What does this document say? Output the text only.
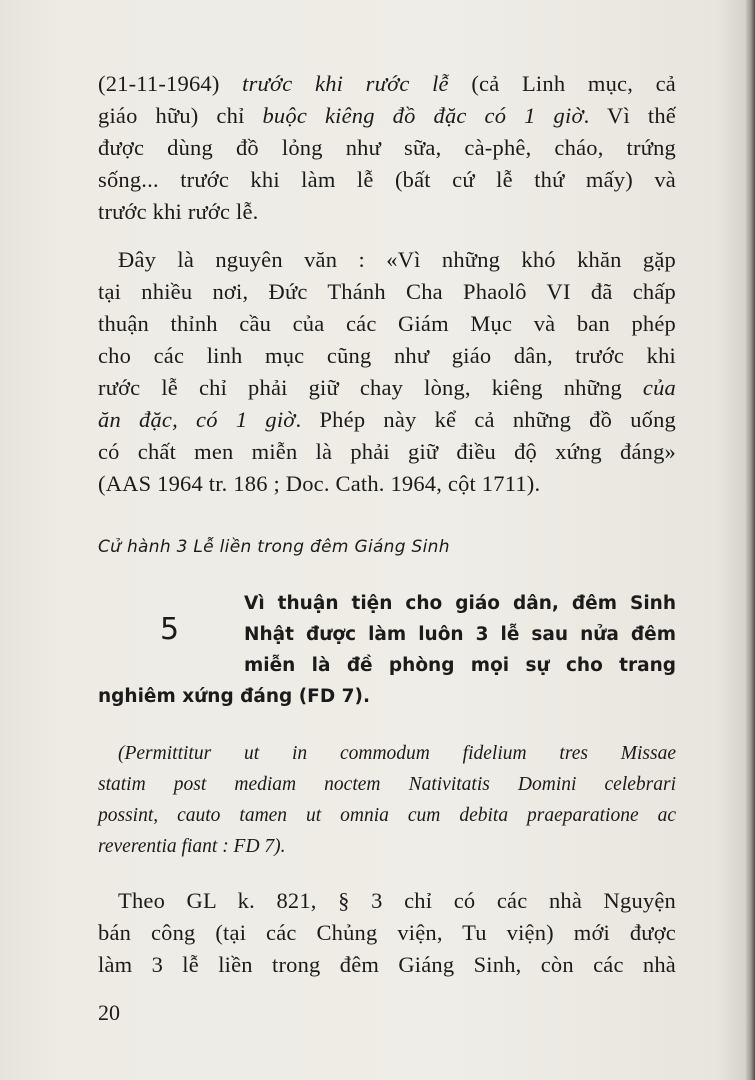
(21-11-1964) trước khi rước lễ (cả Linh mục, cả
giáo hữu) chỉ buộc kiêng đồ đặc có 1 giờ. Vì thế
được dùng đồ lỏng như sữa, cà-phê, cháo, trứng
sống... trước khi làm lễ (bất cứ lễ thứ mấy) và
trước khi rước lễ.
Đây là nguyên văn : «Vì những khó khăn gặp
tại nhiều nơi, Đức Thánh Cha Phaolô VI đã chấp
thuận thỉnh cầu của các Giám Mục và ban phép
cho các linh mục cũng như giáo dân, trước khi
rước lễ chỉ phải giữ chay lòng, kiêng những của
ăn đặc, có 1 giờ. Phép này kể cả những đồ uống
có chất men miễn là phải giữ điều độ xứng đáng»
(AAS 1964 tr. 186 ; Doc. Cath. 1964, cột 1711).
Cử hành 3 Lễ liền trong đêm Giáng Sinh
5
Vì thuận tiện cho giáo dân, đêm Sinh
Nhật được làm luôn 3 lễ sau nửa đêm
miễn là đề phòng mọi sự cho trang
nghiêm xứng đáng (FD 7).
(Permittitur ut in commodum fidelium tres Missae
statim post mediam noctem Nativitatis Domini celebrari
possint, cauto tamen ut omnia cum debita praeparatione ac
reverentia fiant : FD 7).
Theo GL k. 821, § 3 chỉ có các nhà Nguyện
bán công (tại các Chủng viện, Tu viện) mới được
làm 3 lễ liền trong đêm Giáng Sinh, còn các nhà
20
